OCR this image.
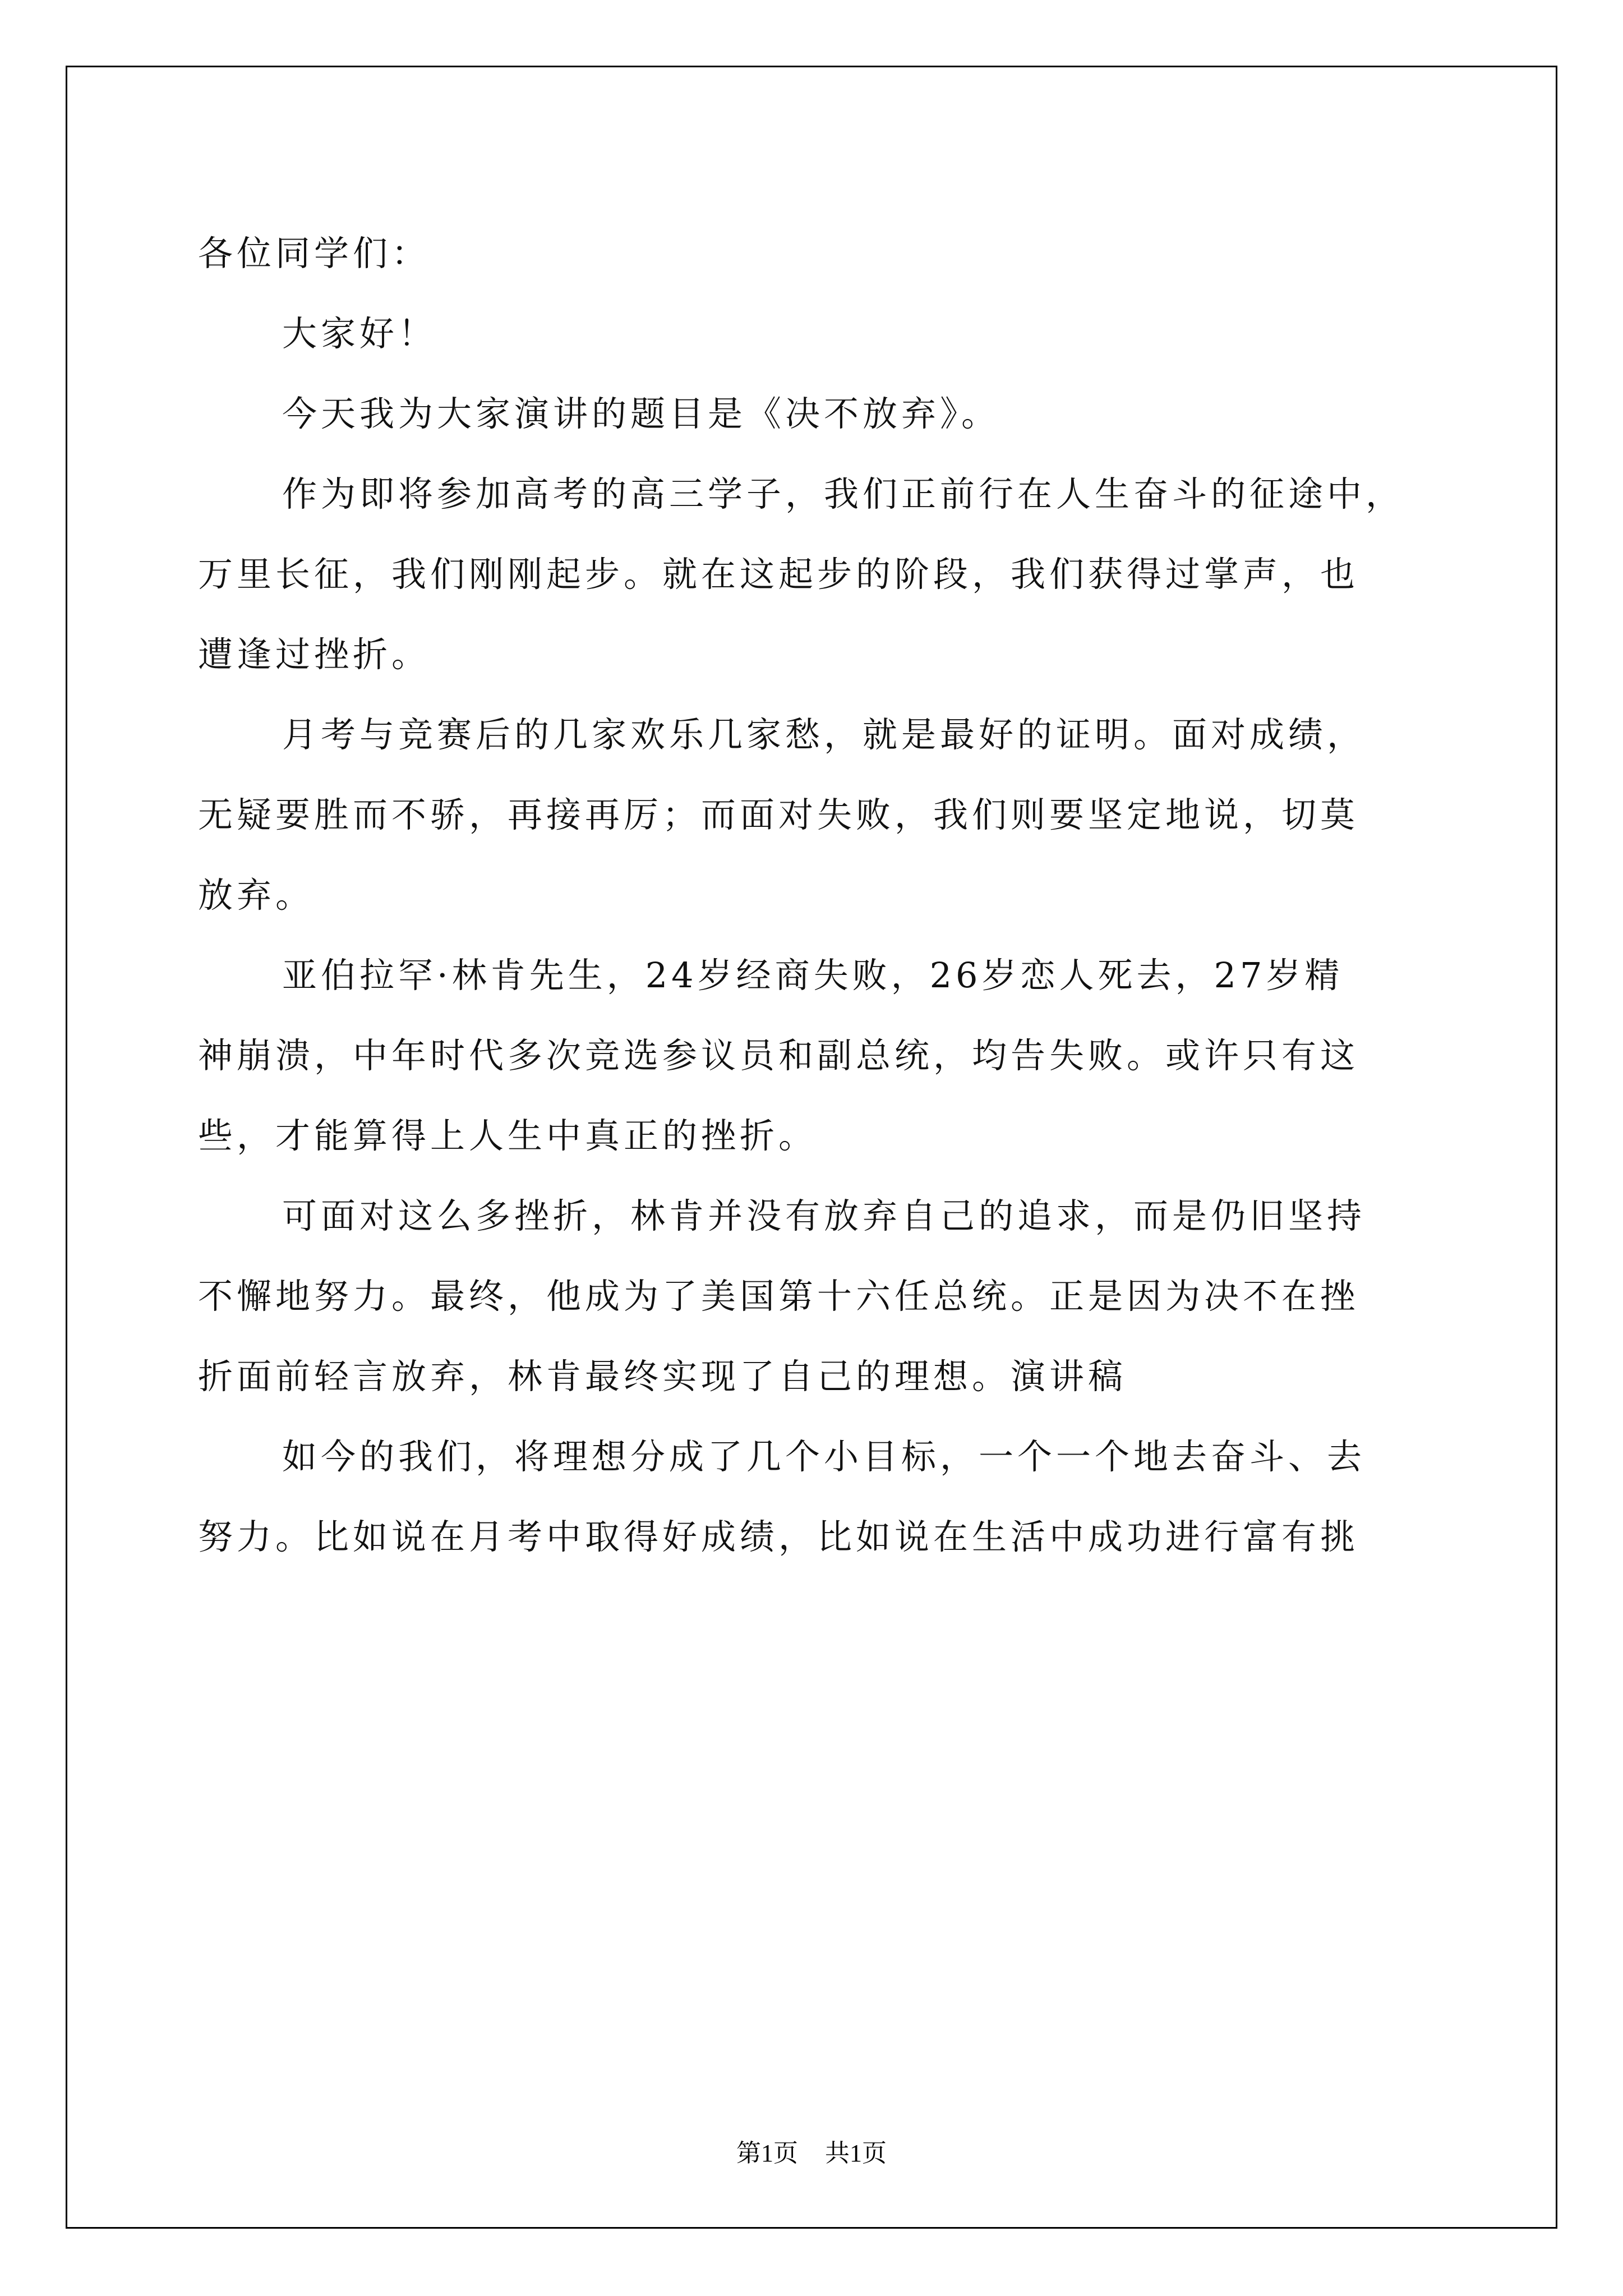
各位同学们：
大家好！
今天我为大家演讲的题目是《决不放弃》。
作为即将参加高考的高三学子，我们正前行在人生奋斗的征途中，
万里长征，我们刚刚起步。就在这起步的阶段，我们获得过掌声，也
遭逢过挫折。
月考与竞赛后的几家欢乐几家愁，就是最好的证明。面对成绩，
无疑要胜而不骄，再接再厉；而面对失败，我们则要坚定地说，切莫
放弃。
亚伯拉罕·林肯先生，24岁经商失败，26岁恋人死去，27岁精
神崩溃，中年时代多次竞选参议员和副总统，均告失败。或许只有这
些，才能算得上人生中真正的挫折。
可面对这么多挫折，林肯并没有放弃自己的追求，而是仍旧坚持
不懈地努力。最终，他成为了美国第十六任总统。正是因为决不在挫
折面前轻言放弃，林肯最终实现了自己的理想。演讲稿
如今的我们，将理想分成了几个小目标，一个一个地去奋斗、去
努力。比如说在月考中取得好成绩，比如说在生活中成功进行富有挑
第1页 共1页
